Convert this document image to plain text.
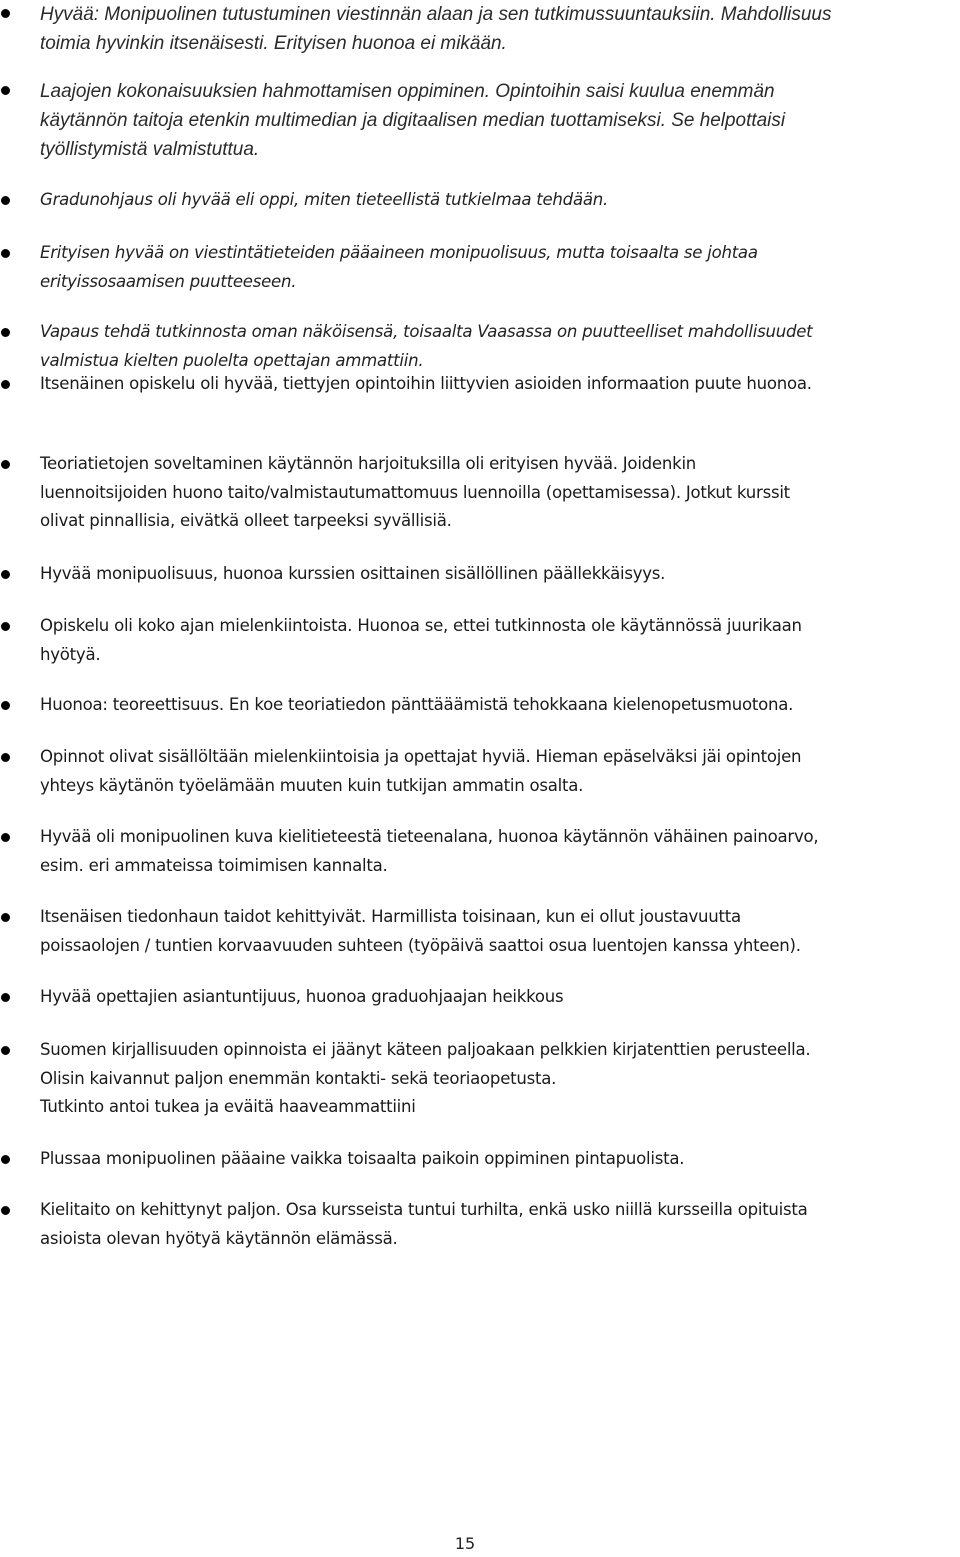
Hyvää: Monipuolinen tutustuminen viestinnän alaan ja sen tutkimussuuntauksiin. Mahdollisuus
toimia hyvinkin itsenäisesti. Erityisen huonoa ei mikään.
Laajojen kokonaisuuksien hahmottamisen oppiminen. Opintoihin saisi kuulua enemmän
käytännön taitoja etenkin multimedian ja digitaalisen median tuottamiseksi. Se helpottaisi
työllistymistä valmistuttua.
Gradunohjaus oli hyvää eli oppi, miten tieteellistä tutkielmaa tehdään.
Erityisen hyvää on viestintätieteiden pääaineen monipuolisuus, mutta toisaalta se johtaa
erityissosaamisen puutteeseen.
Vapaus tehdä tutkinnosta oman näköisensä, toisaalta Vaasassa on puutteelliset mahdollisuudet
valmistua kielten puolelta opettajan ammattiin.
Itsenäinen opiskelu oli hyvää, tiettyjen opintoihin liittyvien asioiden informaation puute huonoa.
Teoriatietojen soveltaminen käytännön harjoituksilla oli erityisen hyvää. Joidenkin
luennoitsijoiden huono taito/valmistautumattomuus luennoilla (opettamisessa). Jotkut kurssit
olivat pinnallisia, eivätkä olleet tarpeeksi syvällisiä.
Hyvää monipuolisuus, huonoa kurssien osittainen sisällöllinen päällekkäisyys.
Opiskelu oli koko ajan mielenkiintoista. Huonoa se, ettei tutkinnosta ole käytännössä juurikaan
hyötyä.
Huonoa: teoreettisuus. En koe teoriatiedon pänttääämistä tehokkaana kielenopetusmuotona.
Opinnot olivat sisällöltään mielenkiintoisia ja opettajat hyviä. Hieman epäselväksi jäi opintojen
yhteys käytänön työelämään muuten kuin tutkijan ammatin osalta.
Hyvää oli monipuolinen kuva kielitieteestä tieteenalana, huonoa käytännön vähäinen painoarvo,
esim. eri ammateissa toimimisen kannalta.
Itsenäisen tiedonhaun taidot kehittyivät. Harmillista toisinaan, kun ei ollut joustavuutta
poissaolojen / tuntien korvaavuuden suhteen (työpäivä saattoi osua luentojen kanssa yhteen).
Hyvää opettajien asiantuntijuus, huonoa graduohjaajan heikkous
Suomen kirjallisuuden opinnoista ei jäänyt käteen paljoakaan pelkkien kirjatenttien perusteella.
Olisin kaivannut paljon enemmän kontakti- sekä teoriaopetusta.
Tutkinto antoi tukea ja eväitä haaveammattiini
Plussaa monipuolinen pääaine vaikka toisaalta paikoin oppiminen pintapuolista.
Kielitaito on kehittynyt paljon. Osa kursseista tuntui turhilta, enkä usko niillä kursseilla opituista
asioista olevan hyötyä käytännön elämässä.
15
